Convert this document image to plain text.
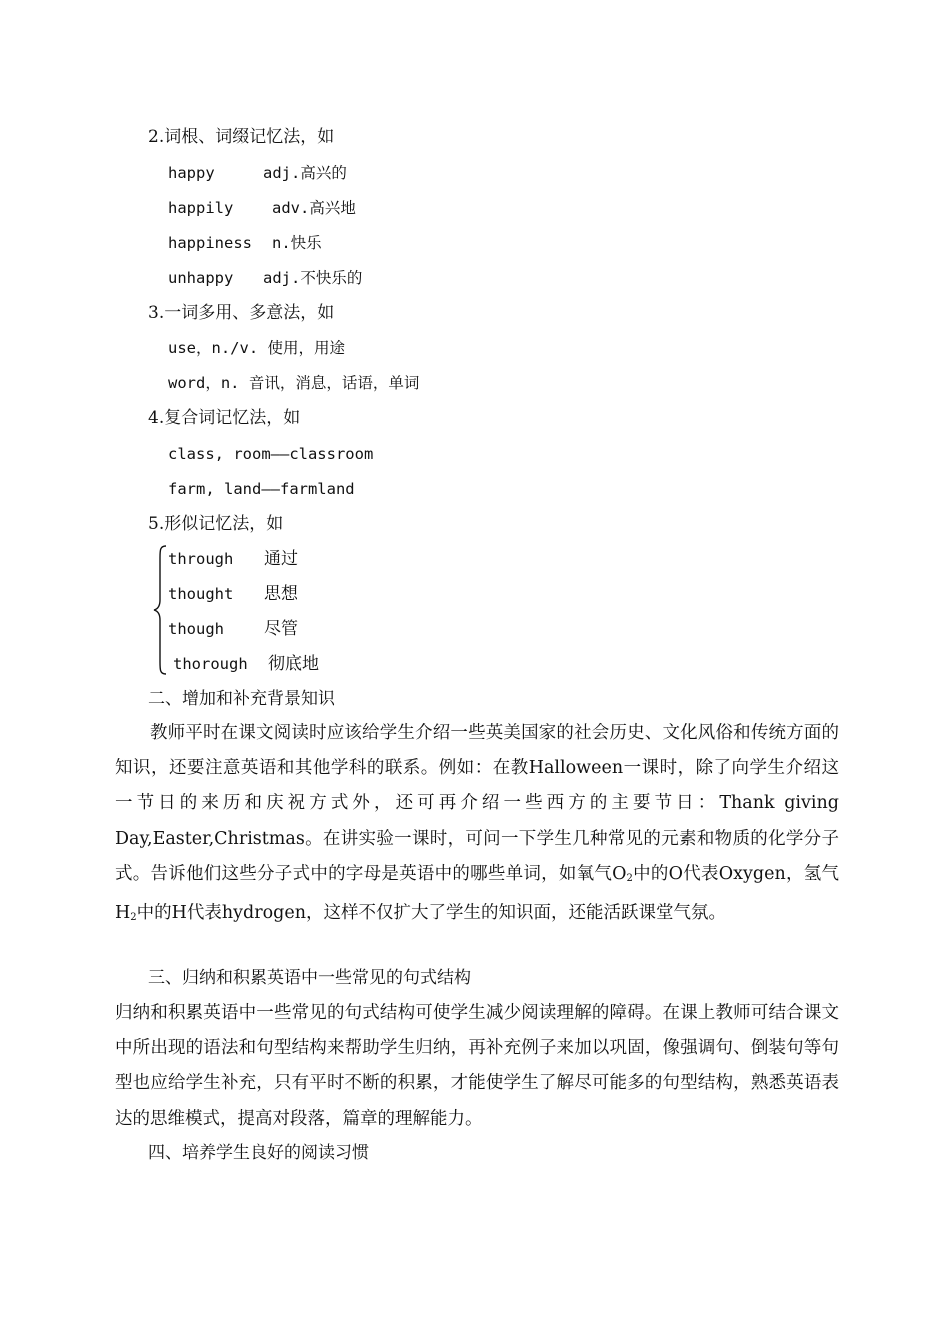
2.词根、词缀记忆法，如
happy	adj.高兴的
happily adv.高兴地
happiness n.快乐
unhappy adj.不快乐的
3.一词多用、多意法，如
use，n./v. 使用，用途
word，n. 音讯，消息，话语，单词
4.复合词记忆法，如
class, room——classroom
farm, land——farmland
5.形似记忆法，如
through 通过
thought 思想
though 尽管
thorough 彻底地
二、增加和补充背景知识
教师平时在课文阅读时应该给学生介绍一些英美国家的社会历史、文化风俗和传统方面的知识，还要注意英语和其他学科的联系。例如：在教Halloween一课时，除了向学生介绍这一节日的来历和庆祝方式外，还可再介绍一些西方的主要节日：Thank giving Day,Easter,Christmas。在讲实验一课时，可问一下学生几种常见的元素和物质的化学分子式。告诉他们这些分子式中的字母是英语中的哪些单词，如氧气$O_2$中的O代表Oxygen，氢气$H_2$中的H代表hydrogen，这样不仅扩大了学生的知识面，还能活跃课堂气氛。
三、归纳和积累英语中一些常见的句式结构
归纳和积累英语中一些常见的句式结构可使学生减少阅读理解的障碍。在课上教师可结合课文中所出现的语法和句型结构来帮助学生归纳，再补充例子来加以巩固，像强调句、倒装句等句型也应给学生补充，只有平时不断的积累，才能使学生了解尽可能多的句型结构，熟悉英语表达的思维模式，提高对段落，篇章的理解能力。
四、培养学生良好的阅读习惯
